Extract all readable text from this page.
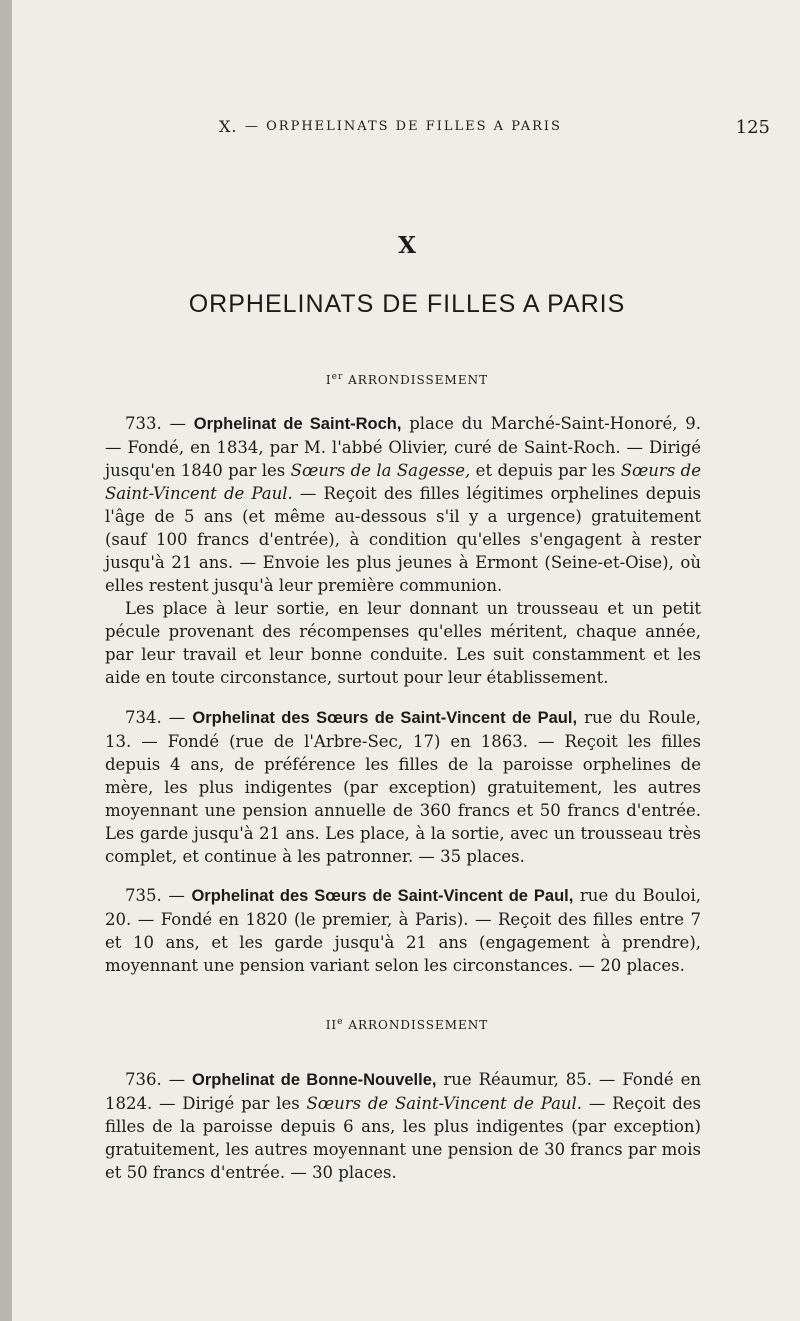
X. — ORPHELINATS DE FILLES A PARIS	125
X
ORPHELINATS DE FILLES A PARIS
Ier ARRONDISSEMENT

733. — Orphelinat de Saint-Roch, place du Marché-Saint-Honoré, 9. — Fondé, en 1834, par M. l'abbé Olivier, curé de Saint-Roch. — Dirigé jusqu'en 1840 par les Sœurs de la Sagesse, et depuis par les Sœurs de Saint-Vincent de Paul. — Reçoit des filles légitimes orphelines depuis l'âge de 5 ans (et même au-dessous s'il y a urgence) gratuitement (sauf 100 francs d'entrée), à condition qu'elles s'engagent à rester jusqu'à 21 ans. — Envoie les plus jeunes à Ermont (Seine-et-Oise), où elles restent jusqu'à leur première communion.

Les place à leur sortie, en leur donnant un trousseau et un petit pécule provenant des récompenses qu'elles méritent, chaque année, par leur travail et leur bonne conduite. Les suit constamment et les aide en toute circonstance, surtout pour leur établissement.

734. — Orphelinat des Sœurs de Saint-Vincent de Paul, rue du Roule, 13. — Fondé (rue de l'Arbre-Sec, 17) en 1863. — Reçoit les filles depuis 4 ans, de préférence les filles de la paroisse orphelines de mère, les plus indigentes (par exception) gratuitement, les autres moyennant une pension annuelle de 360 francs et 50 francs d'entrée. Les garde jusqu'à 21 ans. Les place, à la sortie, avec un trousseau très complet, et continue à les patronner. — 35 places.

735. — Orphelinat des Sœurs de Saint-Vincent de Paul, rue du Bouloi, 20. — Fondé en 1820 (le premier, à Paris). — Reçoit des filles entre 7 et 10 ans, et les garde jusqu'à 21 ans (engagement à prendre), moyennant une pension variant selon les circonstances. — 20 places.

IIe ARRONDISSEMENT

736. — Orphelinat de Bonne-Nouvelle, rue Réaumur, 85. — Fondé en 1824. — Dirigé par les Sœurs de Saint-Vincent de Paul. — Reçoit des filles de la paroisse depuis 6 ans, les plus indigentes (par exception) gratuitement, les autres moyennant une pension de 30 francs par mois et 50 francs d'entrée. — 30 places.
